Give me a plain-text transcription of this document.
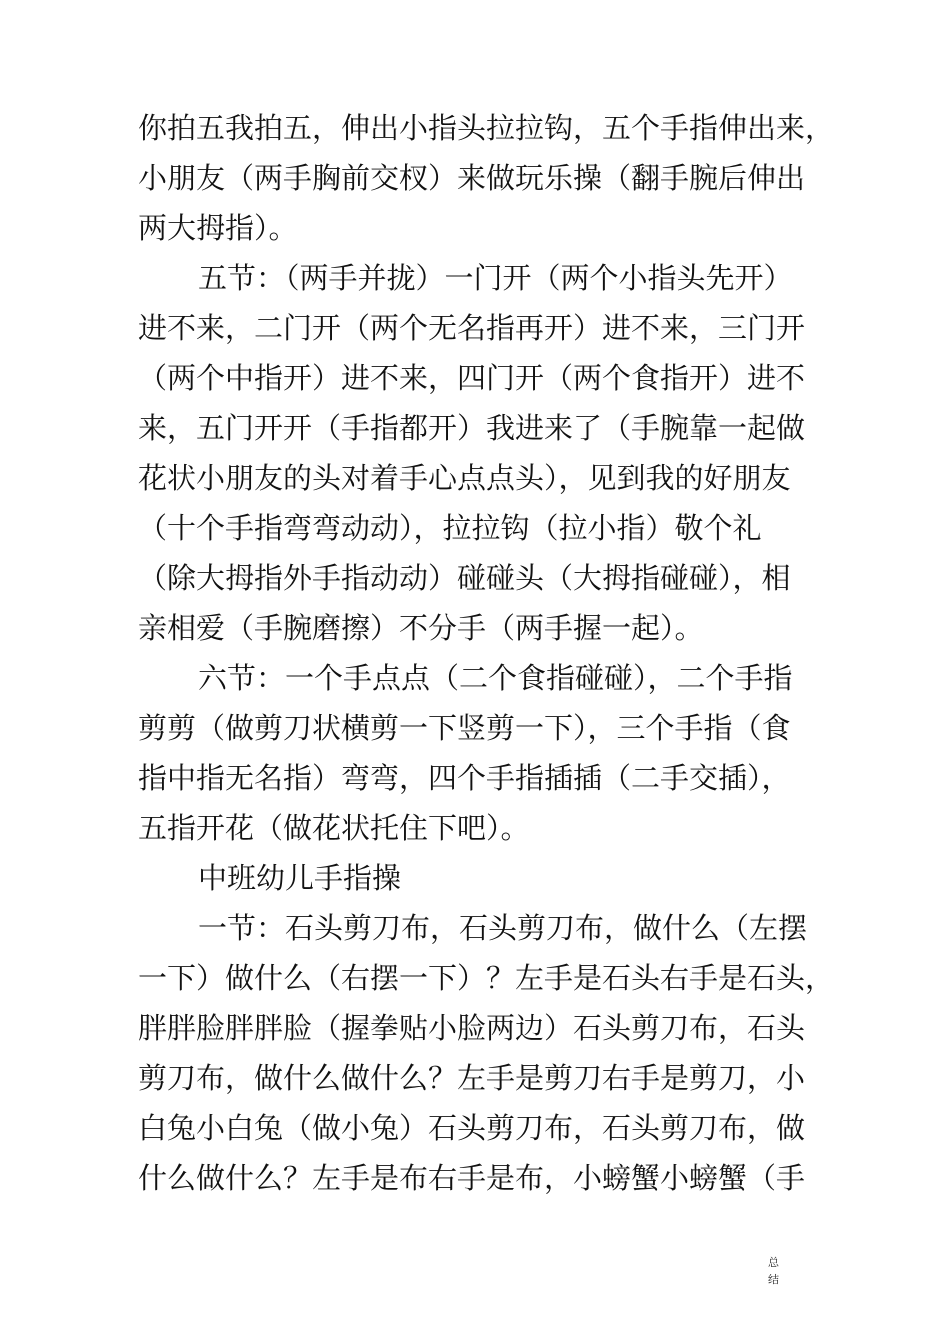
你拍五我拍五，伸出小指头拉拉钩，五个手指伸出来，
小朋友（两手胸前交杈）来做玩乐操（翻手腕后伸出
两大拇指）。
五节：（两手并拢）一门开（两个小指头先开）
进不来，二门开（两个无名指再开）进不来，三门开
（两个中指开）进不来，四门开（两个食指开）进不
来，五门开开（手指都开）我进来了（手腕靠一起做
花状小朋友的头对着手心点点头），见到我的好朋友
（十个手指弯弯动动），拉拉钩（拉小指）敬个礼
（除大拇指外手指动动）碰碰头（大拇指碰碰），相
亲相爱（手腕磨擦）不分手（两手握一起）。
六节：一个手点点（二个食指碰碰），二个手指
剪剪（做剪刀状横剪一下竖剪一下），三个手指（食
指中指无名指）弯弯，四个手指插插（二手交插），
五指开花（做花状托住下吧）。
中班幼儿手指操
一节：石头剪刀布，石头剪刀布，做什么（左摆
一下）做什么（右摆一下）？左手是石头右手是石头，
胖胖脸胖胖脸（握拳贴小脸两边）石头剪刀布，石头
剪刀布，做什么做什么？左手是剪刀右手是剪刀，小
白兔小白兔（做小兔）石头剪刀布，石头剪刀布，做
什么做什么？左手是布右手是布，小螃蟹小螃蟹（手
总
结
